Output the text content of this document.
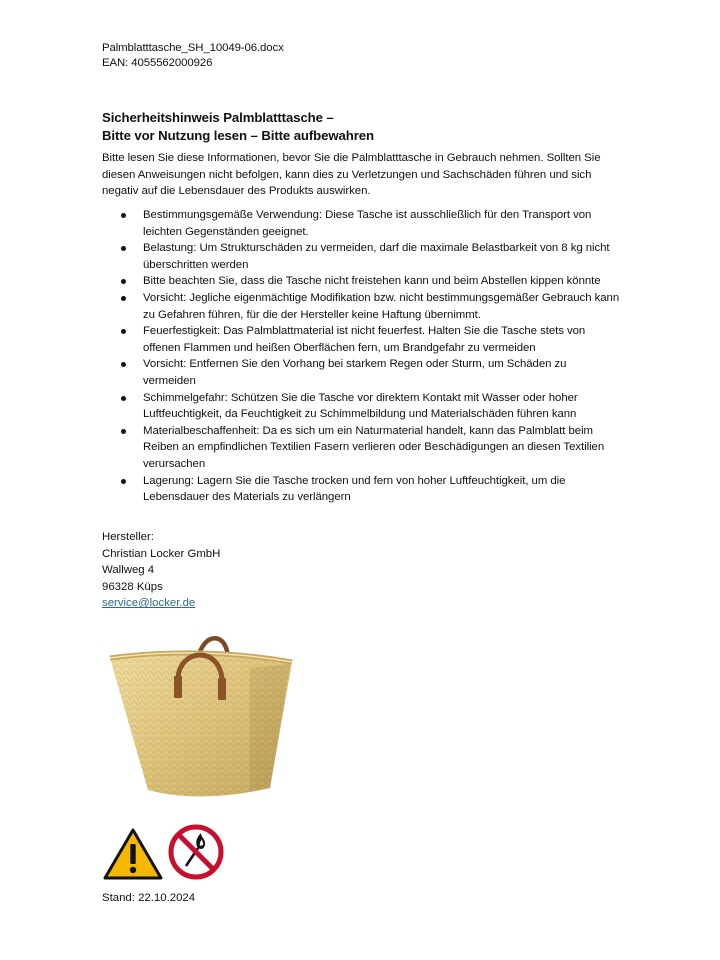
Palmblatttasche_SH_10049-06.docx
EAN: 4055562000926
Sicherheitshinweis Palmblatttasche –
Bitte vor Nutzung lesen – Bitte aufbewahren
Bitte lesen Sie diese Informationen, bevor Sie die Palmblatttasche in Gebrauch nehmen. Sollten Sie diesen Anweisungen nicht befolgen, kann dies zu Verletzungen und Sachschäden führen und sich negativ auf die Lebensdauer des Produkts auswirken.
Bestimmungsgemäße Verwendung: Diese Tasche ist ausschließlich für den Transport von leichten Gegenständen geeignet.
Belastung: Um Strukturschäden zu vermeiden, darf die maximale Belastbarkeit von 8 kg nicht überschritten werden
Bitte beachten Sie, dass die Tasche nicht freistehen kann und beim Abstellen kippen könnte
Vorsicht: Jegliche eigenmächtige Modifikation bzw. nicht bestimmungsgemäßer Gebrauch kann zu Gefahren führen, für die der Hersteller keine Haftung übernimmt.
Feuerfestigkeit: Das Palmblattmaterial ist nicht feuerfest. Halten Sie die Tasche stets von offenen Flammen und heißen Oberflächen fern, um Brandgefahr zu vermeiden
Vorsicht: Entfernen Sie den Vorhang bei starkem Regen oder Sturm, um Schäden zu vermeiden
Schimmelgefahr: Schützen Sie die Tasche vor direktem Kontakt mit Wasser oder hoher Luftfeuchtigkeit, da Feuchtigkeit zu Schimmelbildung und Materialschäden führen kann
Materialbeschaffenheit: Da es sich um ein Naturmaterial handelt, kann das Palmblatt beim Reiben an empfindlichen Textilien Fasern verlieren oder Beschädigungen an diesen Textilien verursachen
Lagerung: Lagern Sie die Tasche trocken und fern von hoher Luftfeuchtigkeit, um die Lebensdauer des Materials zu verlängern
Hersteller:
Christian Locker GmbH
Wallweg 4
96328 Küps
service@locker.de
Stand: 22.10.2024
